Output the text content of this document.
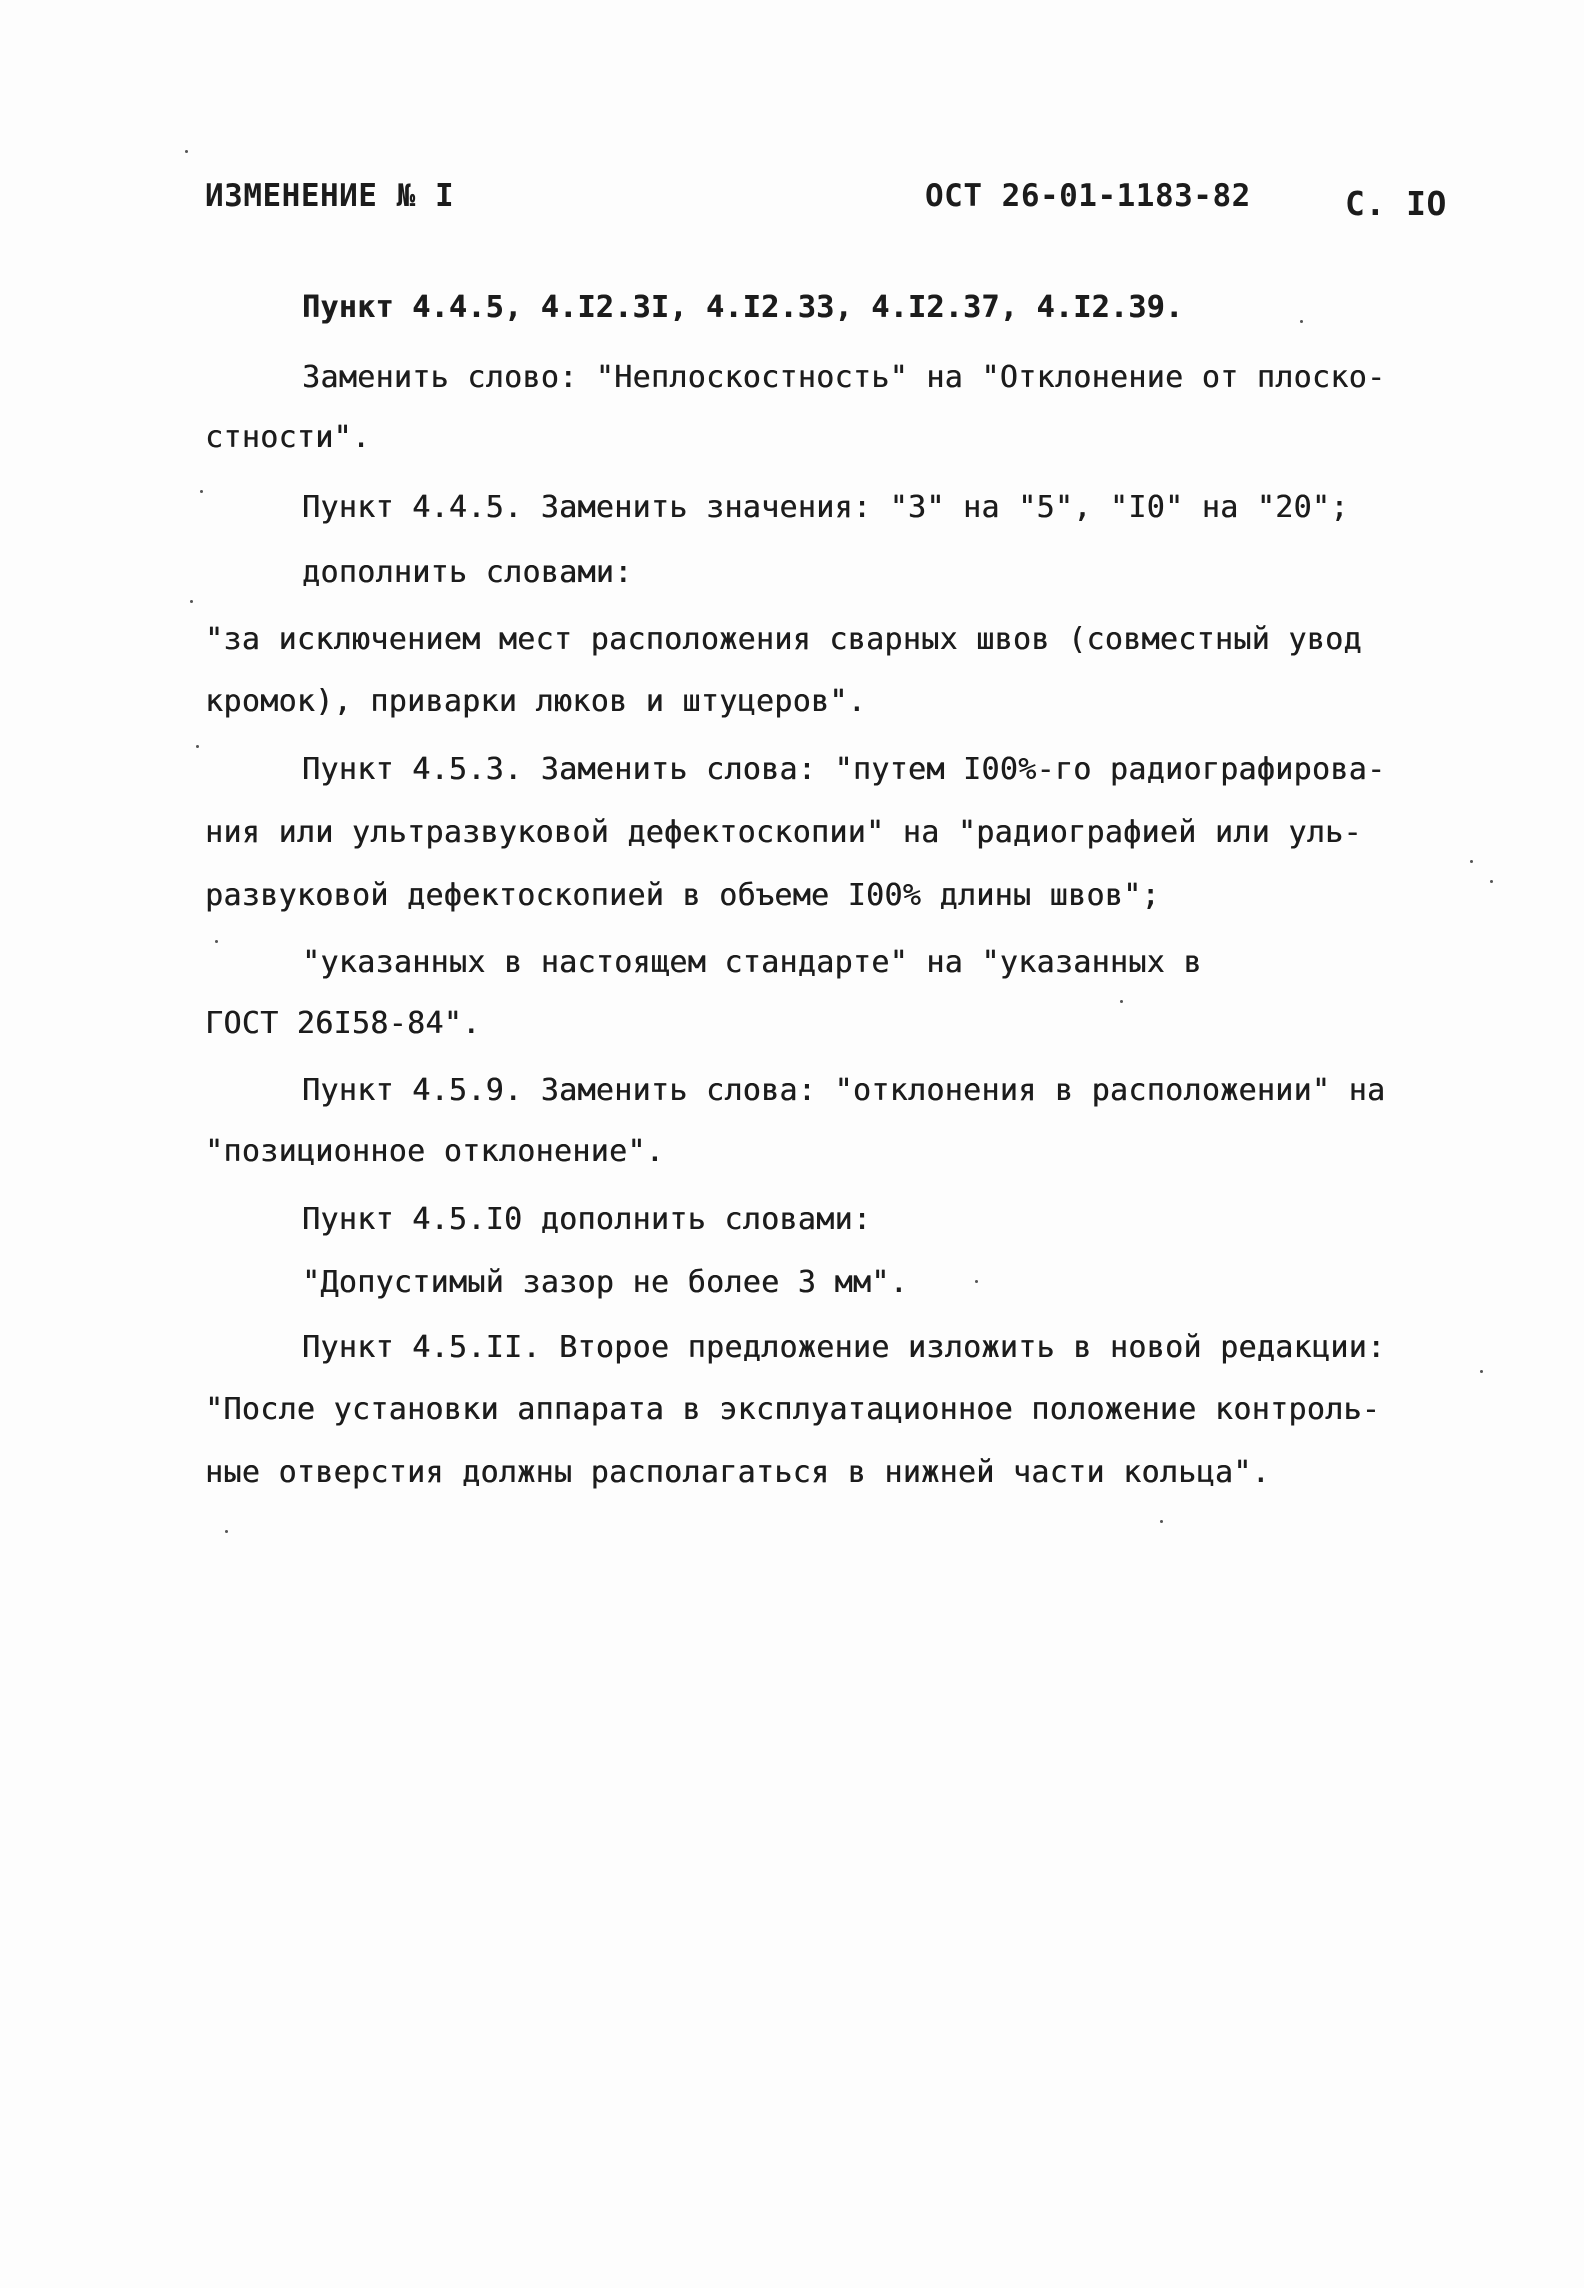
ИЗМЕНЕНИЕ № I	ОСТ 26-01-1183-82	С. IO
Пункт 4.4.5, 4.I2.3I, 4.I2.33, 4.I2.37, 4.I2.39.
Заменить слово: "Неплоскостность" на "Отклонение от плоско-
стности".
Пункт 4.4.5. Заменить значения: "3" на "5", "I0" на "20";
дополнить словами:
"за исключением мест расположения сварных швов (совместный увод
кромок), приварки люков и штуцеров".
Пункт 4.5.3. Заменить слова: "путем I00%-го радиографирова-
ния или ультразвуковой дефектоскопии" на "радиографией или уль-
развуковой дефектоскопией в объеме I00% длины швов";
"указанных в настоящем стандарте" на "указанных в
ГОСТ 26I58-84".
Пункт 4.5.9. Заменить слова: "отклонения в расположении" на
"позиционное отклонение".
Пункт 4.5.I0 дополнить словами:
"Допустимый зазор не более 3 мм".
Пункт 4.5.II. Второе предложение изложить в новой редакции:
"После установки аппарата в эксплуатационное положение контроль-
ные отверстия должны располагаться в нижней части кольца".
